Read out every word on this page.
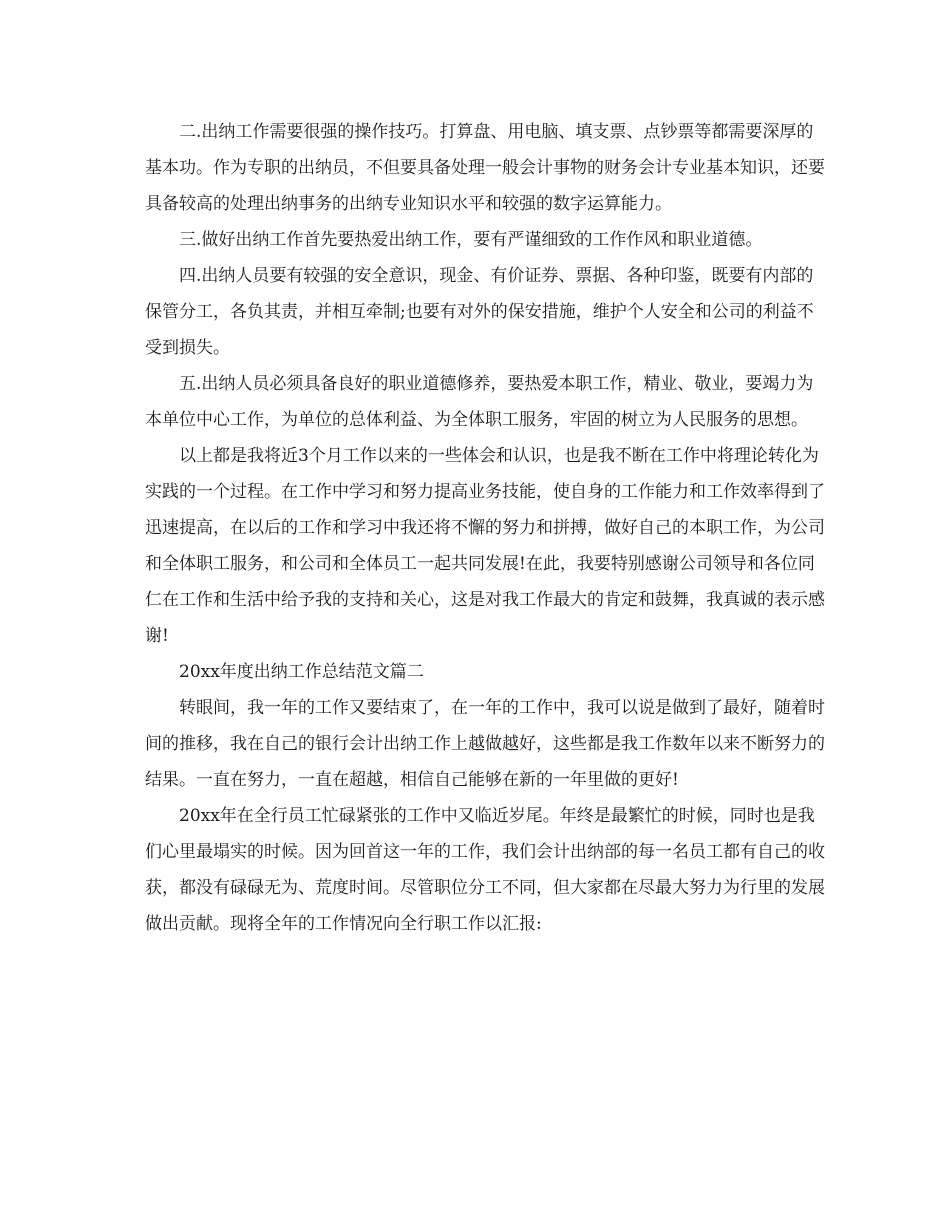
二.出纳工作需要很强的操作技巧。打算盘、用电脑、填支票、点钞票等都需要深厚的基本功。作为专职的出纳员，不但要具备处理一般会计事物的财务会计专业基本知识，还要具备较高的处理出纳事务的出纳专业知识水平和较强的数字运算能力。

三.做好出纳工作首先要热爱出纳工作，要有严谨细致的工作作风和职业道德。

四.出纳人员要有较强的安全意识，现金、有价证券、票据、各种印鉴，既要有内部的保管分工，各负其责，并相互牵制;也要有对外的保安措施，维护个人安全和公司的利益不受到损失。

五.出纳人员必须具备良好的职业道德修养，要热爱本职工作，精业、敬业，要竭力为本单位中心工作，为单位的总体利益、为全体职工服务，牢固的树立为人民服务的思想。

以上都是我将近3个月工作以来的一些体会和认识，也是我不断在工作中将理论转化为实践的一个过程。在工作中学习和努力提高业务技能，使自身的工作能力和工作效率得到了迅速提高，在以后的工作和学习中我还将不懈的努力和拼搏，做好自己的本职工作，为公司和全体职工服务，和公司和全体员工一起共同发展!在此，我要特别感谢公司领导和各位同仁在工作和生活中给予我的支持和关心，这是对我工作最大的肯定和鼓舞，我真诚的表示感谢!

20xx年度出纳工作总结范文篇二

转眼间，我一年的工作又要结束了，在一年的工作中，我可以说是做到了最好，随着时间的推移，我在自己的银行会计出纳工作上越做越好，这些都是我工作数年以来不断努力的结果。一直在努力，一直在超越，相信自己能够在新的一年里做的更好!

20xx年在全行员工忙碌紧张的工作中又临近岁尾。年终是最繁忙的时候，同时也是我们心里最塌实的时候。因为回首这一年的工作，我们会计出纳部的每一名员工都有自己的收获，都没有碌碌无为、荒度时间。尽管职位分工不同，但大家都在尽最大努力为行里的发展做出贡献。现将全年的工作情况向全行职工作以汇报:
